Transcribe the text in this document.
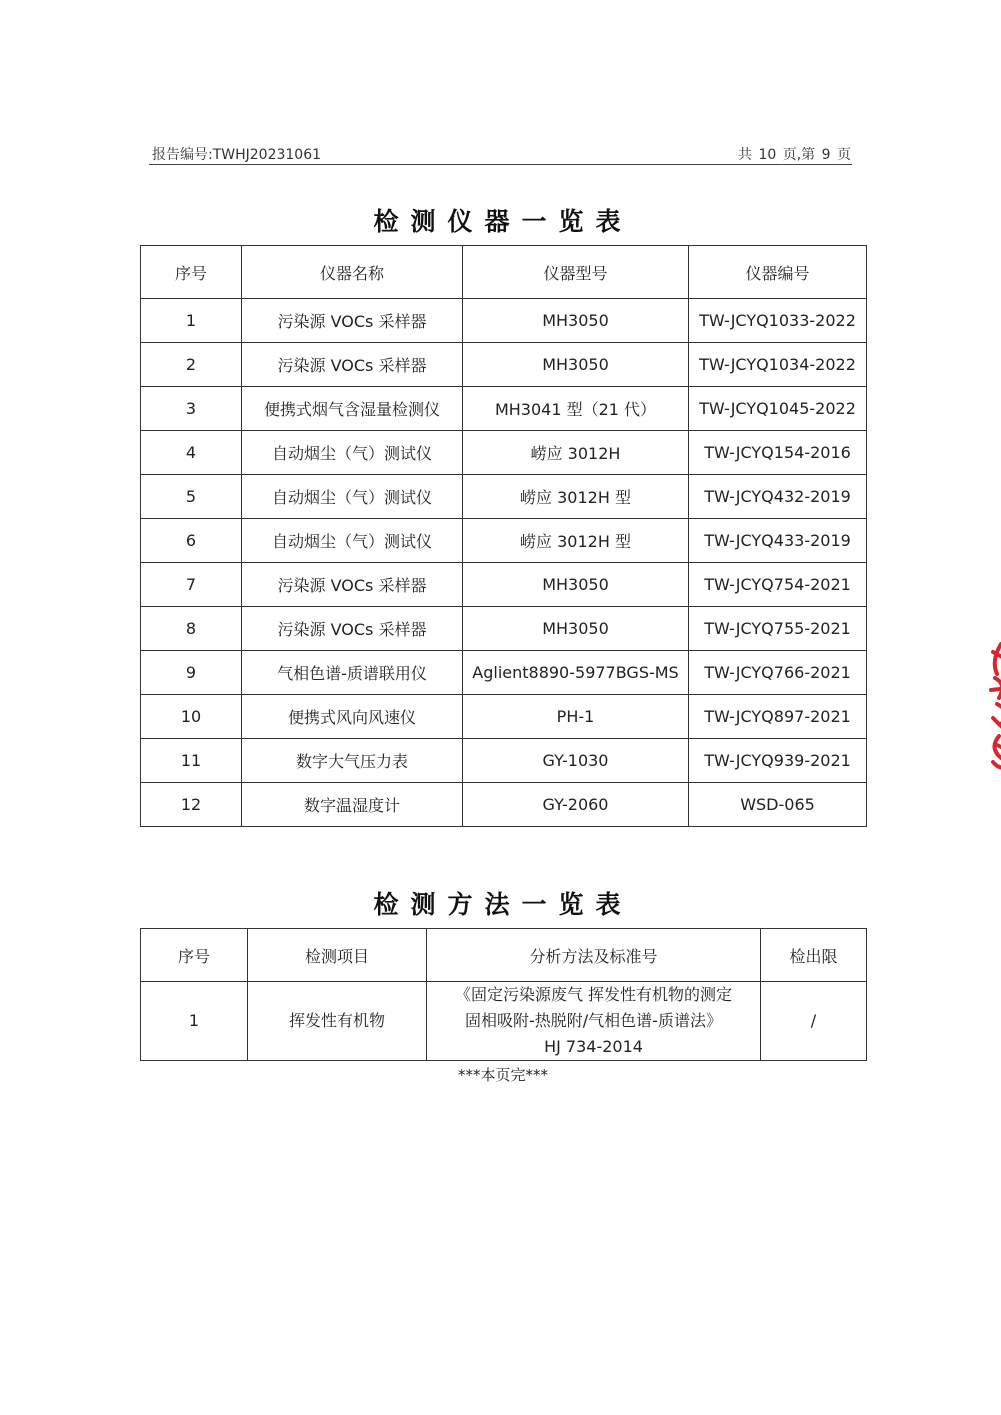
报告编号:TWHJ20231061	共 10 页,第 9 页
检测仪器一览表
序号	仪器名称	仪器型号	仪器编号
1	污染源 VOCs 采样器	MH3050	TW-JCYQ1033-2022
2	污染源 VOCs 采样器	MH3050	TW-JCYQ1034-2022
3	便携式烟气含湿量检测仪	MH3041 型（21 代）	TW-JCYQ1045-2022
4	自动烟尘（气）测试仪	崂应 3012H	TW-JCYQ154-2016
5	自动烟尘（气）测试仪	崂应 3012H 型	TW-JCYQ432-2019
6	自动烟尘（气）测试仪	崂应 3012H 型	TW-JCYQ433-2019
7	污染源 VOCs 采样器	MH3050	TW-JCYQ754-2021
8	污染源 VOCs 采样器	MH3050	TW-JCYQ755-2021
9	气相色谱-质谱联用仪	Aglient8890-5977BGS-MS	TW-JCYQ766-2021
10	便携式风向风速仪	PH-1	TW-JCYQ897-2021
11	数字大气压力表	GY-1030	TW-JCYQ939-2021
12	数字温湿度计	GY-2060	WSD-065
检测方法一览表
序号	检测项目	分析方法及标准号	检出限
1	挥发性有机物	《固定污染源废气 挥发性有机物的测定
固相吸附-热脱附/气相色谱-质谱法》
HJ 734-2014	/
***本页完***
